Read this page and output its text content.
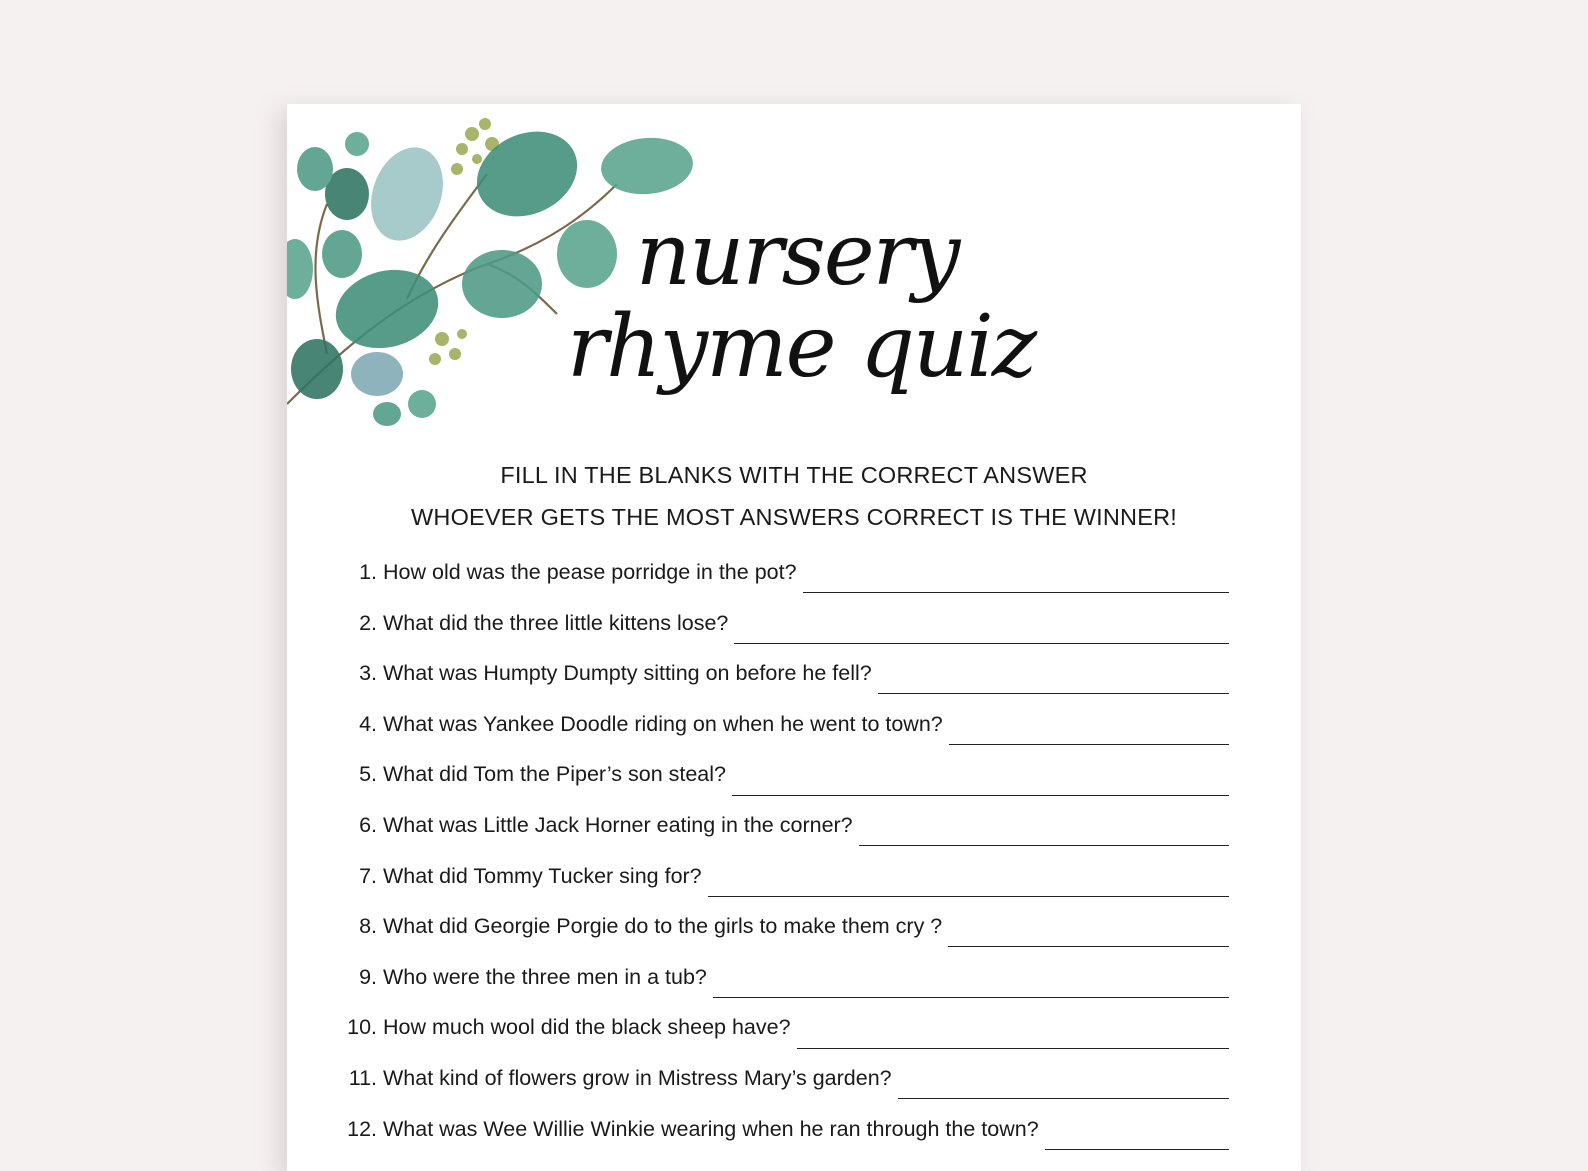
nursery
rhyme quiz
FILL IN THE BLANKS WITH THE CORRECT ANSWER
WHOEVER GETS THE MOST ANSWERS CORRECT IS THE WINNER!
1. How old was the pease porridge in the pot?
2. What did the three little kittens lose?
3. What was Humpty Dumpty sitting on before he fell?
4. What was Yankee Doodle riding on when he went to town?
5. What did Tom the Piper’s son steal?
6. What was Little Jack Horner eating in the corner?
7. What did Tommy Tucker sing for?
8. What did Georgie Porgie do to the girls to make them cry ?
9. Who were the three men in a tub?
10. How much wool did the black sheep have?
11. What kind of flowers grow in Mistress Mary’s garden?
12. What was Wee Willie Winkie wearing when he ran through the town?
